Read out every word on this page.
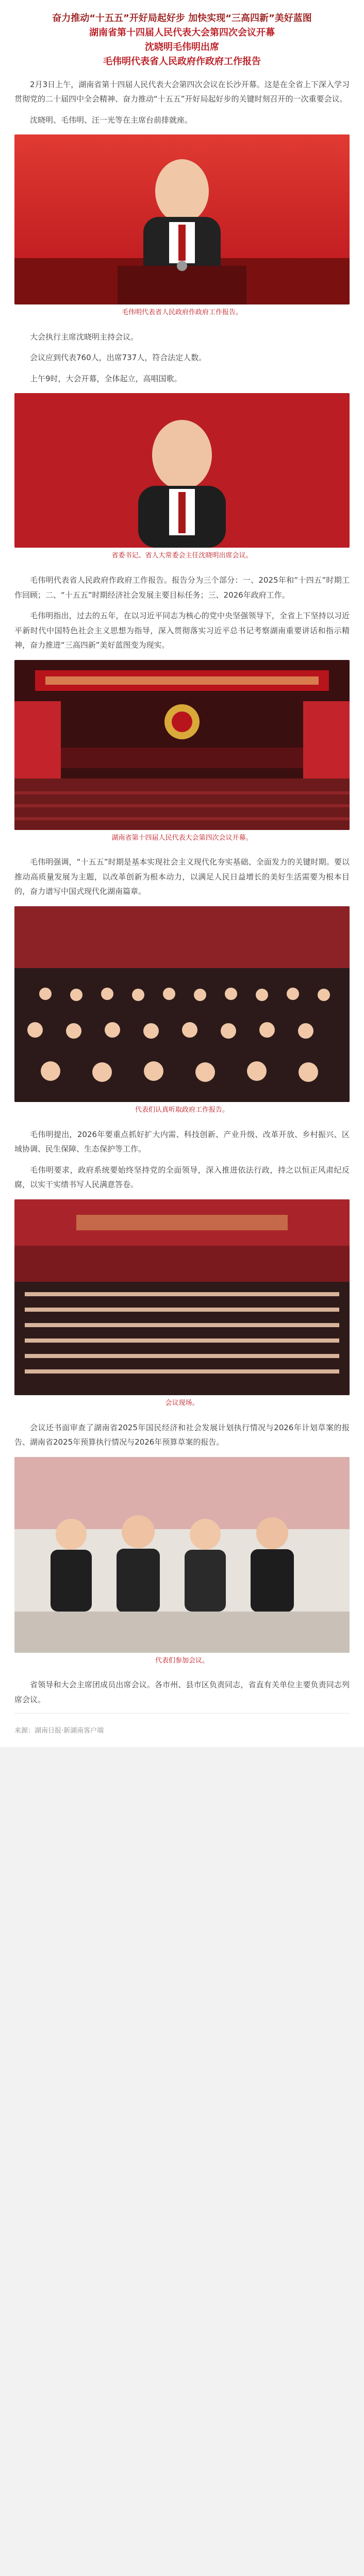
奋力推动“十五五”开好局起好步 加快实现“三高四新”美好蓝图
湖南省第十四届人民代表大会第四次会议开幕
沈晓明毛伟明出席
毛伟明代表省人民政府作政府工作报告

2月3日上午，湖南省第十四届人民代表大会第四次会议在长沙开幕。这是在全省上下深入学习贯彻党的二十届四中全会精神、奋力推动“十五五”开好局起好步的关键时刻召开的一次重要会议。

沈晓明、毛伟明、汪一光等在主席台前排就座。

毛伟明代表省人民政府作政府工作报告。

大会执行主席沈晓明主持会议。

会议应到代表760人，出席737人，符合法定人数。

上午9时，大会开幕，全体起立，高唱国歌。

省委书记、省人大常委会主任沈晓明出席会议。

毛伟明代表省人民政府作政府工作报告。报告分为三个部分：一、2025年和“十四五”时期工作回顾；二、“十五五”时期经济社会发展主要目标任务；三、2026年政府工作。

毛伟明指出，过去的五年，在以习近平同志为核心的党中央坚强领导下，全省上下坚持以习近平新时代中国特色社会主义思想为指导，深入贯彻落实习近平总书记考察湖南重要讲话和指示精神，奋力推进“三高四新”美好蓝图变为现实。

湖南省第十四届人民代表大会第四次会议开幕。

毛伟明强调，“十五五”时期是基本实现社会主义现代化夯实基础、全面发力的关键时期。要以推动高质量发展为主题，以改革创新为根本动力，以满足人民日益增长的美好生活需要为根本目的，奋力谱写中国式现代化湖南篇章。

代表们认真听取政府工作报告。

毛伟明提出，2026年要重点抓好扩大内需、科技创新、产业升级、改革开放、乡村振兴、区域协调、民生保障、生态保护等工作。

毛伟明要求，政府系统要始终坚持党的全面领导，深入推进依法行政，持之以恒正风肃纪反腐，以实干实绩书写人民满意答卷。

会议现场。

会议还书面审查了湖南省2025年国民经济和社会发展计划执行情况与2026年计划草案的报告、湖南省2025年预算执行情况与2026年预算草案的报告。

代表们参加会议。

省领导和大会主席团成员出席会议。各市州、县市区负责同志，省直有关单位主要负责同志列席会议。

来源：湖南日报·新湖南客户端
